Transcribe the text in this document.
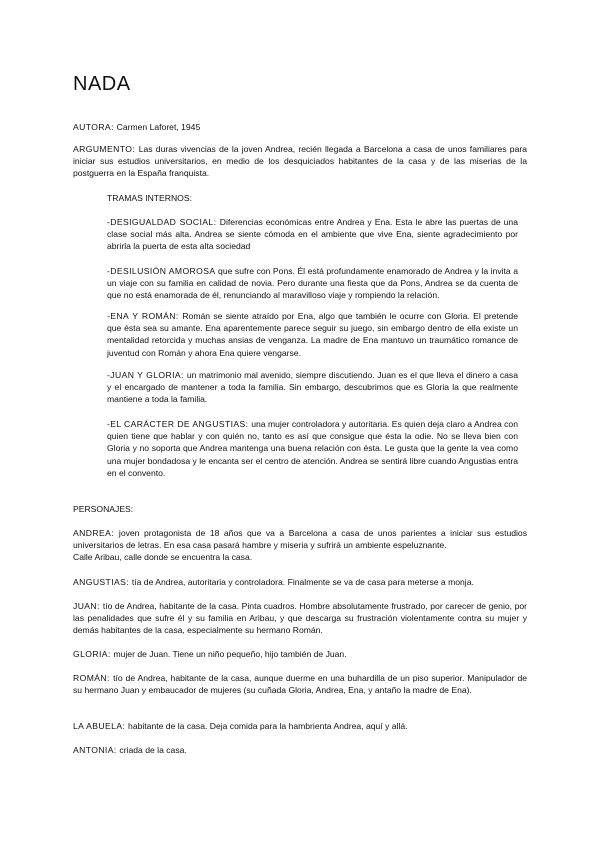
NADA
AUTORA : Carmen Laforet, 1945
ARGUMENTO : Las duras vivencias de la joven Andrea, recién llegada a Barcelona a casa de unos familiares para iniciar sus estudios universitarios, en medio de los desquiciados habitantes de la casa y de las miserias de la postguerra en la España franquista.
TRAMAS INTERNOS:
-DESIGUALDAD SOCIAL : Diferencias económicas entre Andrea y Ena. Esta le abre las puertas de una clase social más alta. Andrea se siente cómoda en el ambiente que vive Ena, siente agradecimiento por abrirla la puerta de esta alta sociedad
-DESILUSIÓN AMOROSA que sufre con Pons. Él está profundamente enamorado de Andrea y la invita a un viaje con su familia en calidad de novia. Pero durante una fiesta que da Pons, Andrea se da cuenta de que no está enamorada de él, renunciando al maravilloso viaje y rompiendo la relación.
-ENA Y ROMÁN : Román se siente atraído por Ena, algo que también le ocurre con Gloria. El pretende que ésta sea su amante. Ena aparentemente parece seguir su juego, sin embargo dentro de ella existe un mentalidad retorcida y muchas ansias de venganza. La madre de Ena mantuvo un traumático romance de juventud con Román y ahora Ena quiere vengarse.
-JUAN Y GLORIA : un matrimonio mal avenido, siempre discutiendo. Juan es el que lleva el dinero a casa y el encargado de mantener a toda la familia. Sin embargo, descubrimos que es Gloria la que realmente mantiene a toda la familia.
-EL CARÁCTER DE ANGUSTIAS : una mujer controladora y autoritaria. Es quien deja claro a Andrea con quien tiene que hablar y con quién no, tanto es así que consigue que ésta la odie. No se lleva bien con Gloria y no soporta que Andrea mantenga una buena relación con ésta. Le gusta que la gente la vea como una mujer bondadosa y le encanta ser el centro de atención. Andrea se sentirá libre cuando Angustias entra en el convento.
PERSONAJES:
ANDREA : joven protagonista de 18 años que va a Barcelona a casa de unos parientes a iniciar sus estudios universitarios de letras. En esa casa pasará hambre y miseria y sufrirá un ambiente espeluznante.
Calle Aribau, calle donde se encuentra la casa.
ANGUSTIAS : tía de Andrea, autoritaria y controladora. Finalmente se va de casa para meterse a monja.
JUAN : tío de Andrea, habitante de la casa. Pinta cuadros. Hombre absolutamente frustrado, por carecer de genio, por las penalidades que sufre él y su familia en Aribau, y que descarga su frustración violentamente contra su mujer y demás habitantes de la casa, especialmente su hermano Román.
GLORIA : mujer de Juan. Tiene un niño pequeño, hijo también de Juan.
ROMÁN : tío de Andrea, habitante de la casa, aunque duerme en una buhardilla de un piso superior. Manipulador de su hermano Juan y embaucador de mujeres (su cuñada Gloria, Andrea, Ena, y antaño la madre de Ena).
LA ABUELA : habitante de la casa. Deja comida para la hambrienta Andrea, aquí y allá.
ANTONIA : criada de la casa.
